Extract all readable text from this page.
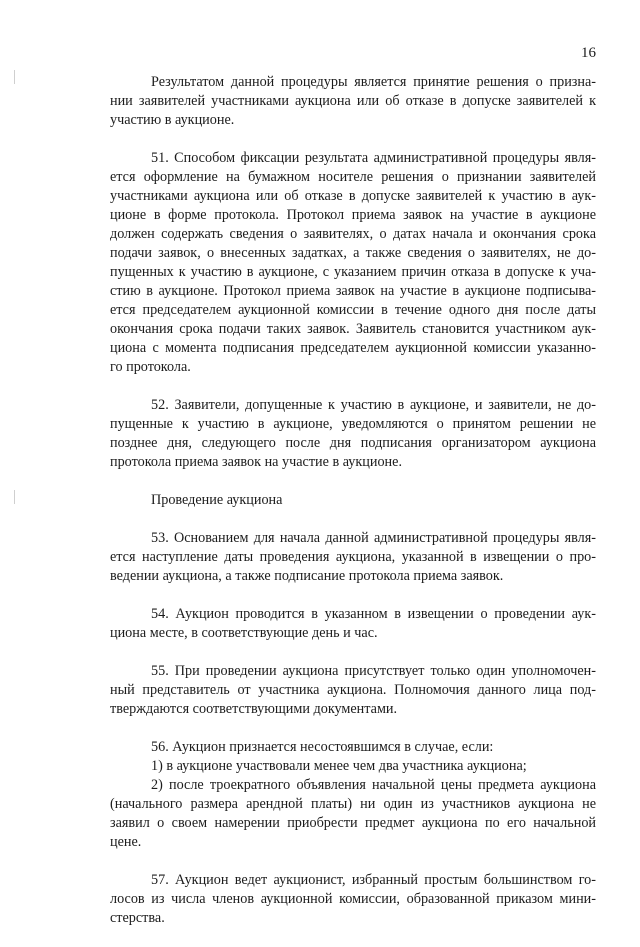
16
Результатом данной процедуры является принятие решения о призна-
нии заявителей участниками аукциона или об отказе в допуске заявителей к
участию в аукционе.
51. Способом фиксации результата административной процедуры явля-
ется оформление на бумажном носителе решения о признании заявителей
участниками аукциона или об отказе в допуске заявителей к участию в аук-
ционе в форме протокола. Протокол приема заявок на участие в аукционе
должен содержать сведения о заявителях, о датах начала и окончания срока
подачи заявок, о внесенных задатках, а также сведения о заявителях, не до-
пущенных к участию в аукционе, с указанием причин отказа в допуске к уча-
стию в аукционе. Протокол приема заявок на участие в аукционе подписыва-
ется председателем аукционной комиссии в течение одного дня после даты
окончания срока подачи таких заявок. Заявитель становится участником аук-
циона с момента подписания председателем аукционной комиссии указанно-
го протокола.
52. Заявители, допущенные к участию в аукционе, и заявители, не до-
пущенные к участию в аукционе, уведомляются о принятом решении не
позднее дня, следующего после дня подписания организатором аукциона
протокола приема заявок на участие в аукционе.
Проведение аукциона
53. Основанием для начала данной административной процедуры явля-
ется наступление даты проведения аукциона, указанной в извещении о про-
ведении аукциона, а также подписание протокола приема заявок.
54. Аукцион проводится в указанном в извещении о проведении аук-
циона месте, в соответствующие день и час.
55. При проведении аукциона присутствует только один уполномочен-
ный представитель от участника аукциона. Полномочия данного лица под-
тверждаются соответствующими документами.
56. Аукцион признается несостоявшимся в случае, если:
1) в аукционе участвовали менее чем два участника аукциона;
2) после троекратного объявления начальной цены предмета аукциона
(начального размера арендной платы) ни один из участников аукциона не
заявил о своем намерении приобрести предмет аукциона по его начальной
цене.
57. Аукцион ведет аукционист, избранный простым большинством го-
лосов из числа членов аукционной комиссии, образованной приказом мини-
стерства.
